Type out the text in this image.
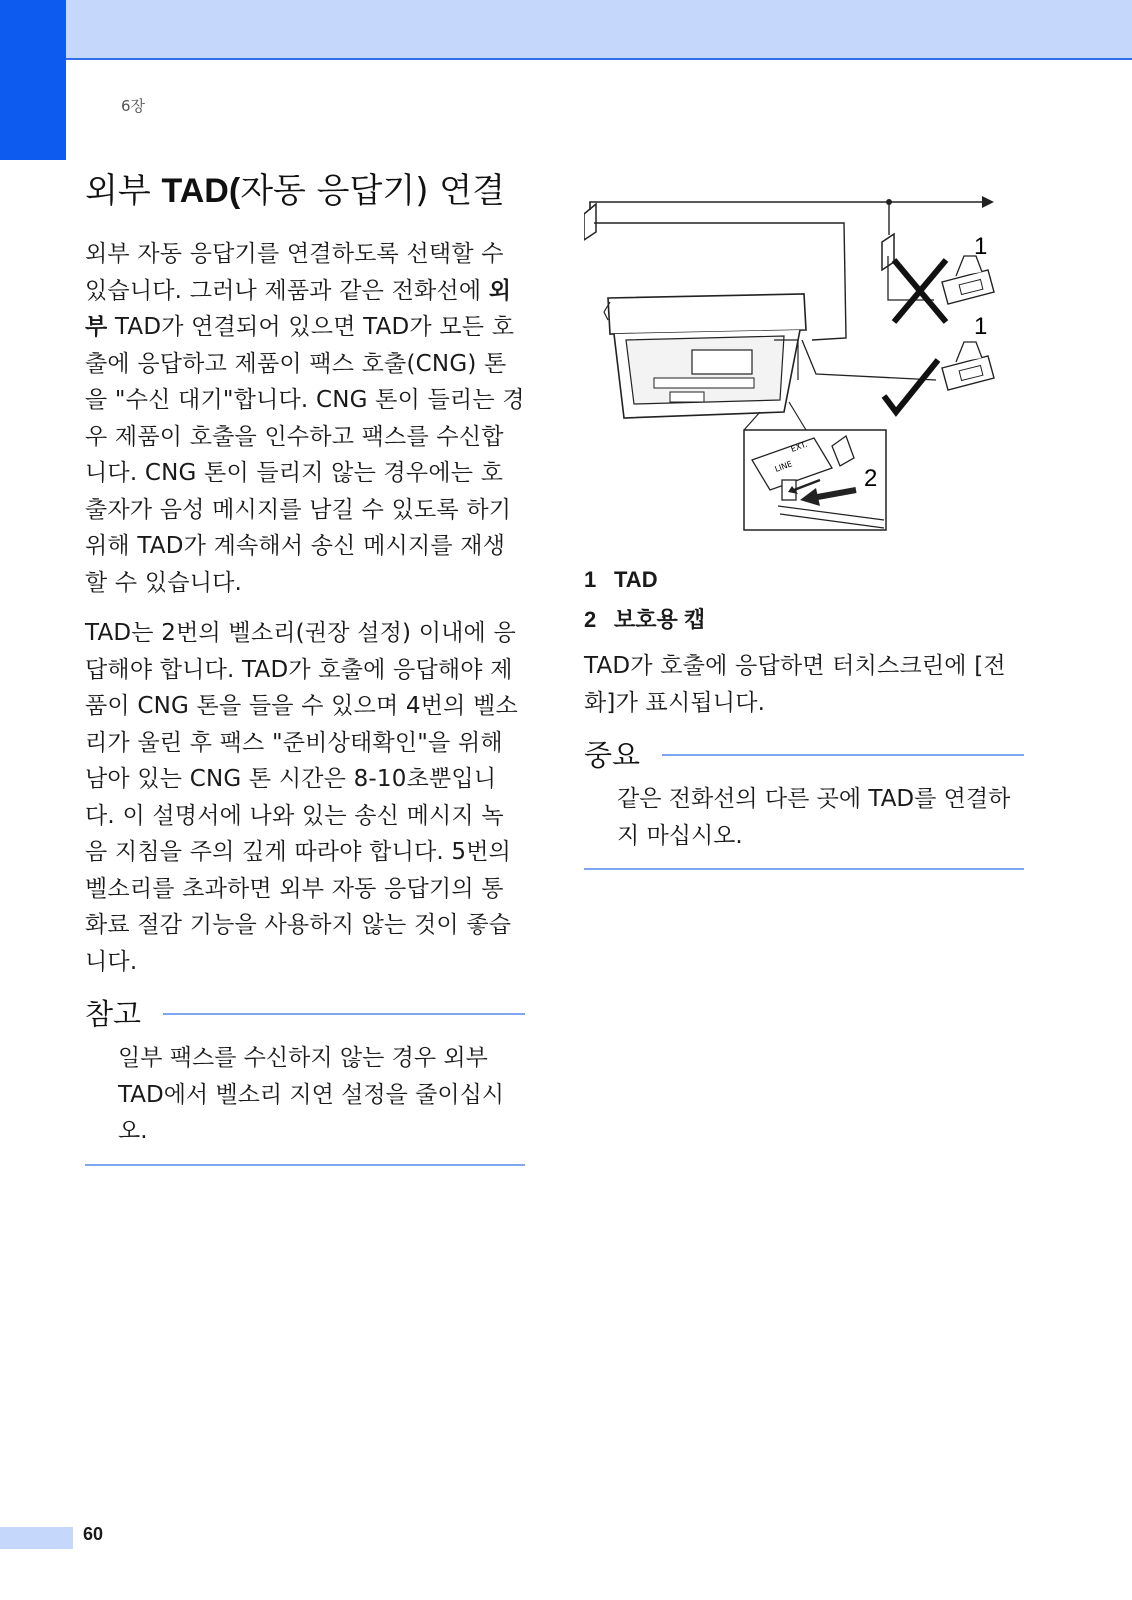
6장
외부 TAD(자동 응답기) 연결

외부 자동 응답기를 연결하도록 선택할 수 있습니다. 그러나 제품과 같은 전화선에 외부 TAD가 연결되어 있으면 TAD가 모든 호출에 응답하고 제품이 팩스 호출(CNG) 톤을 "수신 대기"합니다. CNG 톤이 들리는 경우 제품이 호출을 인수하고 팩스를 수신합니다. CNG 톤이 들리지 않는 경우에는 호출자가 음성 메시지를 남길 수 있도록 하기 위해 TAD가 계속해서 송신 메시지를 재생할 수 있습니다.

TAD는 2번의 벨소리(권장 설정) 이내에 응답해야 합니다. TAD가 호출에 응답해야 제품이 CNG 톤을 들을 수 있으며 4번의 벨소리가 울린 후 팩스 "준비상태확인"을 위해 남아 있는 CNG 톤 시간은 8-10초뿐입니다. 이 설명서에 나와 있는 송신 메시지 녹음 지침을 주의 깊게 따라야 합니다. 5번의 벨소리를 초과하면 외부 자동 응답기의 통화료 절감 기능을 사용하지 않는 것이 좋습니다.

참고
일부 팩스를 수신하지 않는 경우 외부 TAD에서 벨소리 지연 설정을 줄이십시오.
EXT.
LINE
1
1
2
1 TAD
2 보호용 캡

TAD가 호출에 응답하면 터치스크린에 [전화]가 표시됩니다.

중요
같은 전화선의 다른 곳에 TAD를 연결하지 마십시오.
60
